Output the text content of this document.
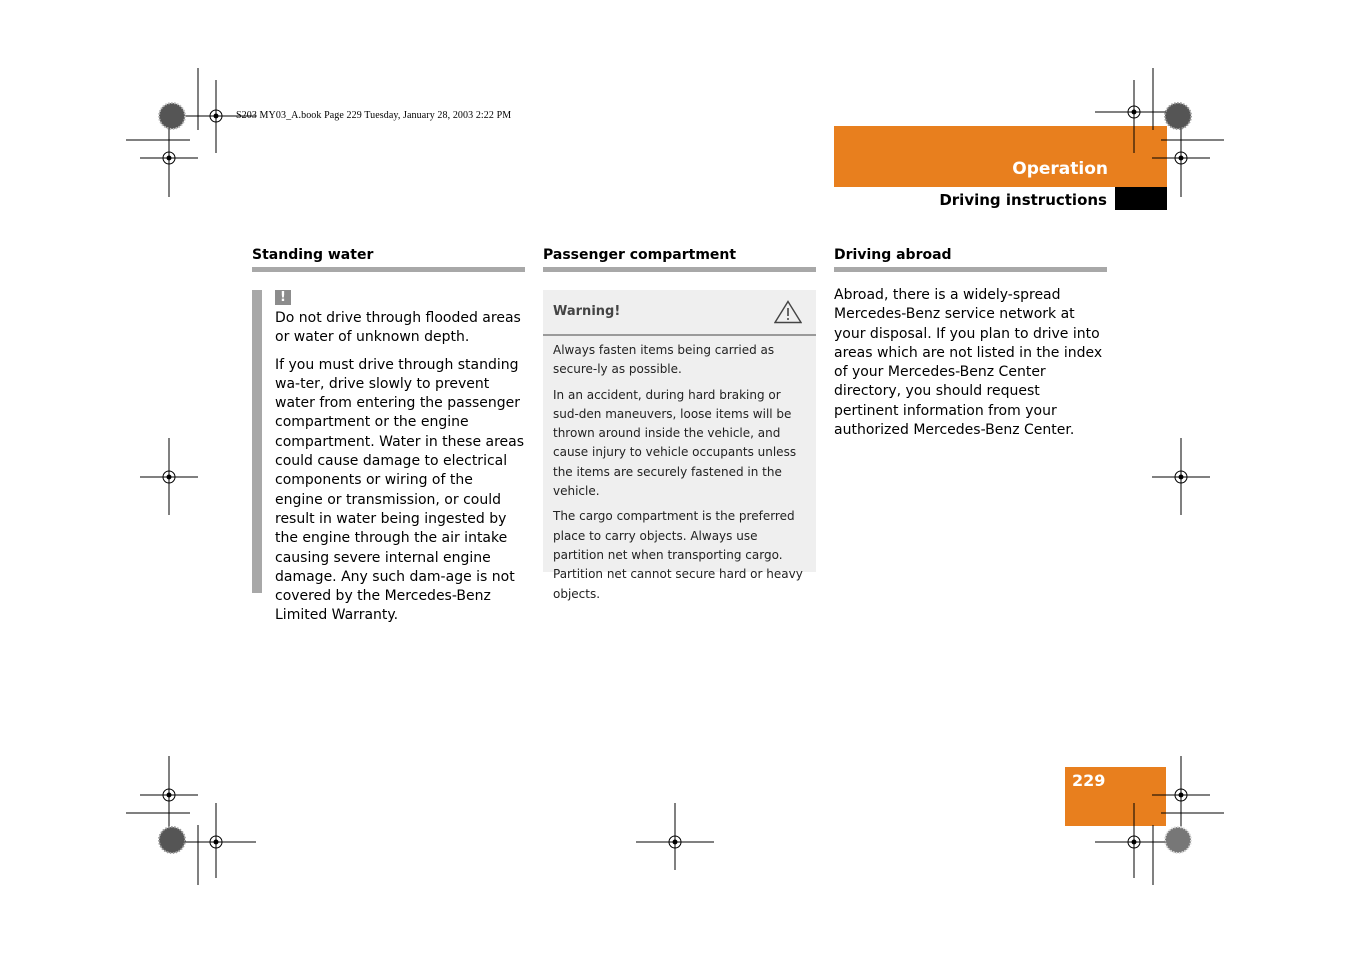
S203 MY03_A.book Page 229 Tuesday, January 28, 2003 2:22 PM
Operation
Driving instructions
229
Standing water
!

Do not drive through flooded areas or water of unknown depth.

If you must drive through standing wa-ter, drive slowly to prevent water from entering the passenger compartment or the engine compartment. Water in these areas could cause damage to electrical components or wiring of the engine or transmission, or could result in water being ingested by the engine through the air intake causing severe internal engine damage. Any such dam-age is not covered by the Mercedes-Benz Limited Warranty.

Passenger compartment
Warning!

Always fasten items being carried as secure-ly as possible.

In an accident, during hard braking or sud-den maneuvers, loose items will be thrown around inside the vehicle, and cause injury to vehicle occupants unless the items are securely fastened in the vehicle.

The cargo compartment is the preferred place to carry objects. Always use partition net when transporting cargo. Partition net cannot secure hard or heavy objects.

Driving abroad

Abroad, there is a widely-spread Mercedes-Benz service network at your disposal. If you plan to drive into areas which are not listed in the index of your Mercedes-Benz Center directory, you should request pertinent information from your authorized Mercedes-Benz Center.
